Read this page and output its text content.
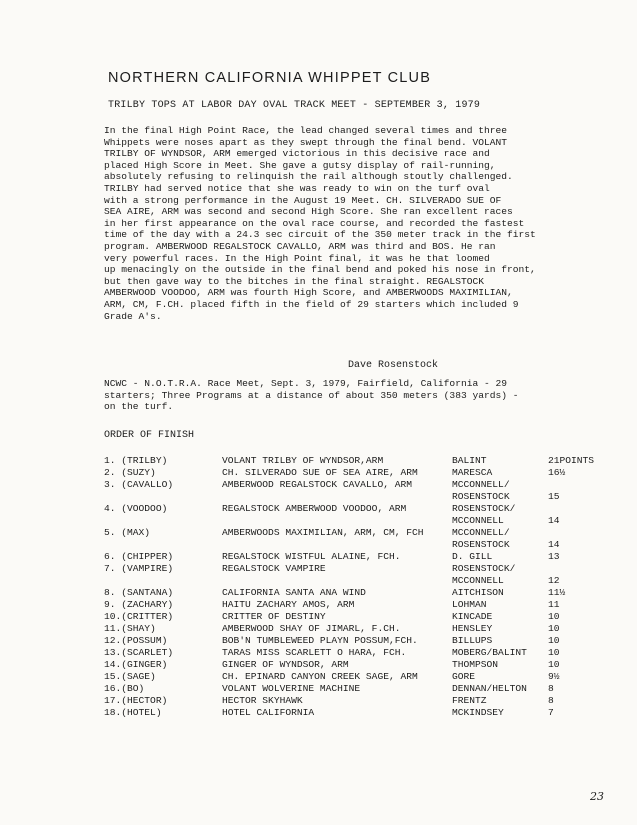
NORTHERN CALIFORNIA WHIPPET CLUB
TRILBY TOPS AT LABOR DAY OVAL TRACK MEET - SEPTEMBER 3, 1979
In the final High Point Race, the lead changed several times and three
Whippets were noses apart as they swept through the final bend. VOLANT
TRILBY OF WYNDSOR, ARM emerged victorious in this decisive race and
placed High Score in Meet. She gave a gutsy display of rail-running,
absolutely refusing to relinquish the rail although stoutly challenged.
TRILBY had served notice that she was ready to win on the turf oval
with a strong performance in the August 19 Meet. CH. SILVERADO SUE OF
SEA AIRE, ARM was second and second High Score. She ran excellent races
in her first appearance on the oval race course, and recorded the fastest
time of the day with a 24.3 sec circuit of the 350 meter track in the first
program. AMBERWOOD REGALSTOCK CAVALLO, ARM was third and BOS. He ran
very powerful races. In the High Point final, it was he that loomed
up menacingly on the outside in the final bend and poked his nose in front,
but then gave way to the bitches in the final straight. REGALSTOCK
AMBERWOOD VOODOO, ARM was fourth High Score, and AMBERWOODS MAXIMILIAN,
ARM, CM, F.CH. placed fifth in the field of 29 starters which included 9
Grade A's.
Dave Rosenstock
NCWC - N.O.T.R.A. Race Meet, Sept. 3, 1979, Fairfield, California - 29
starters; Three Programs at a distance of about 350 meters (383 yards) -
on the turf.
ORDER OF FINISH
1. (TRILBY)	VOLANT TRILBY OF WYNDSOR,ARM	BALINT	21POINTS
2. (SUZY)	CH. SILVERADO SUE OF SEA AIRE, ARM	MARESCA	16½
3. (CAVALLO)	AMBERWOOD REGALSTOCK CAVALLO, ARM	MCCONNELL/
ROSENSTOCK	15
4. (VOODOO)	REGALSTOCK AMBERWOOD VOODOO, ARM	ROSENSTOCK/
MCCONNELL	14
5. (MAX)	AMBERWOODS MAXIMILIAN, ARM, CM, FCH	MCCONNELL/
ROSENSTOCK	14
6. (CHIPPER)	REGALSTOCK WISTFUL ALAINE, FCH.	D. GILL	13
7. (VAMPIRE)	REGALSTOCK VAMPIRE	ROSENSTOCK/
MCCONNELL	12
8. (SANTANA)	CALIFORNIA SANTA ANA WIND	AITCHISON	11½
9. (ZACHARY)	HAITU ZACHARY AMOS, ARM	LOHMAN	11
10.(CRITTER)	CRITTER OF DESTINY	KINCADE	10
11.(SHAY)	AMBERWOOD SHAY OF JIMARL, F.CH.	HENSLEY	10
12.(POSSUM)	BOB'N TUMBLEWEED PLAYN POSSUM,FCH.	BILLUPS	10
13.(SCARLET)	TARAS MISS SCARLETT O HARA, FCH.	MOBERG/BALINT 10
14.(GINGER)	GINGER OF WYNDSOR, ARM	THOMPSON	10
15.(SAGE)	CH. EPINARD CANYON CREEK SAGE, ARM	GORE	9½
16.(BO)	VOLANT WOLVERINE MACHINE	DENNAN/HELTON 8
17.(HECTOR)	HECTOR SKYHAWK	FRENTZ	8
18.(HOTEL)	HOTEL CALIFORNIA	MCKINDSEY	7
23
